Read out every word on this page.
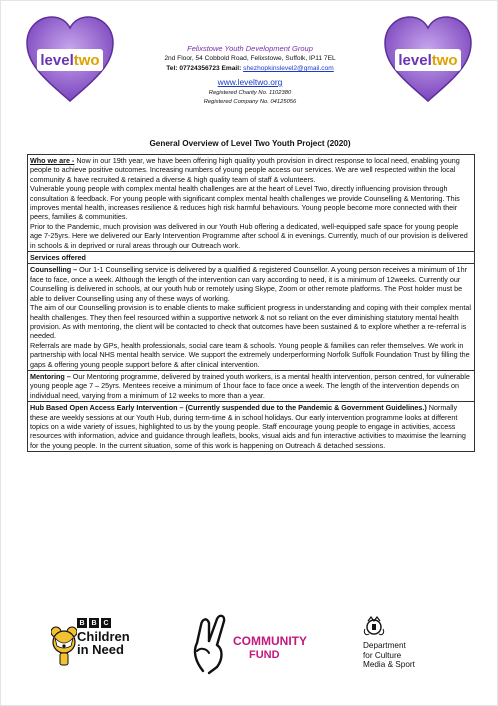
leveltwo	leveltwo
Felixstowe Youth Development Group
2nd Floor, 54 Cobbold Road, Felixstowe, Suffolk, IP11 7EL
Tel: 07724356723 Email: shezhopkinslevel2@gmail.com
www.leveltwo.org
Registered Charity No. 1102380
Registered Company No. 04125056
General Overview of Level Two Youth Project (2020)

Who we are - Now in our 19th year, we have been offering high quality youth provision in direct response to local need, enabling young people to achieve positive outcomes. Increasing numbers of young people access our services. We are well respected within the local community & have recruited & retained a diverse & high quality team of staff & volunteers.

Vulnerable young people with complex mental health challenges are at the heart of Level Two, directly influencing provision through consultation & feedback. For young people with significant complex mental health challenges we provide Counselling & Mentoring. This improves mental health, increases resilience & reduces high risk harmful behaviours. Young people become more connected with their peers, families & communities.

Prior to the Pandemic, much provision was delivered in our Youth Hub offering a dedicated, well-equipped safe space for young people age 7-25yrs. Here we delivered our Early Intervention Programme after school & in evenings. Currently, much of our provision is delivered in schools & in deprived or rural areas through our Outreach work.

Services offered

Counselling – Our 1-1 Counselling service is delivered by a qualified & registered Counsellor. A young person receives a minimum of 1hr face to face, once a week. Although the length of the intervention can vary according to need, it is a minimum of 12weeks. Currently our Counselling is delivered in schools, at our youth hub or remotely using Skype, Zoom or other remote platforms. The Post holder must be able to deliver Counselling using any of these ways of working.

The aim of our Counselling provision is to enable clients to make sufficient progress in understanding and coping with their complex mental health challenges. They then feel resourced within a supportive network & not so reliant on the ever diminishing statutory mental health provision. As with mentoring, the client will be contacted to check that outcomes have been sustained & to explore whether a re-referral is needed.

Referrals are made by GPs, health professionals, social care team & schools. Young people & families can refer themselves. We work in partnership with local NHS mental health service. We support the extremely underperforming Norfolk Suffolk Foundation Trust by filling the gaps & offering young people support before & after clinical intervention.

Mentoring – Our Mentoring programme, delivered by trained youth workers, is a mental health intervention, person centred, for vulnerable young people age 7 – 25yrs. Mentees receive a minimum of 1hour face to face once a week. The length of the intervention depends on individual need, varying from a minimum of 12 weeks to more than a year.

Hub Based Open Access Early Intervention – (Currently suspended due to the Pandemic & Government Guidelines.) Normally these are weekly sessions at our Youth Hub, during term-time & in school holidays. Our early intervention programme looks at different topics on a wide variety of issues, highlighted to us by the young people. Staff encourage young people to engage in activities, access resources with information, advice and guidance through leaflets, books, visual aids and fun interactive activities to maximise the learning for the young people. In the current situation, some of this work is happening on Outreach & detached sessions.

B B C
Children
in Need
COMMUNITY
FUND
Department
for Culture
Media & Sport
